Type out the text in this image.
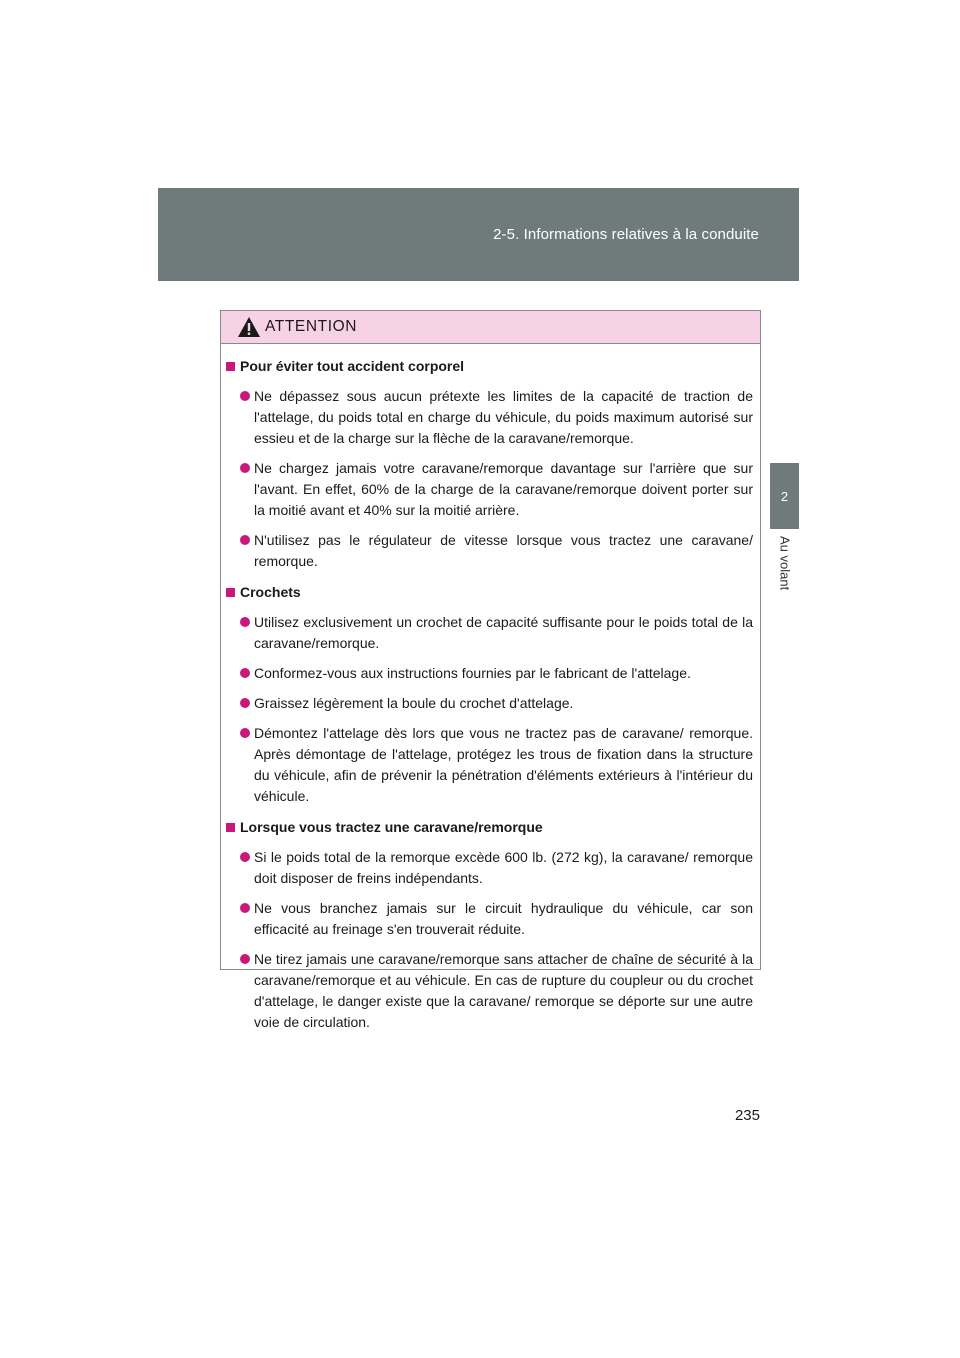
2-5. Informations relatives à la conduite
2
Au volant
ATTENTION
Pour éviter tout accident corporel
Ne dépassez sous aucun prétexte les limites de la capacité de traction de l'attelage, du poids total en charge du véhicule, du poids maximum autorisé sur essieu et de la charge sur la flèche de la caravane/remorque.
Ne chargez jamais votre caravane/remorque davantage sur l'arrière que sur l'avant. En effet, 60% de la charge de la caravane/remorque doivent porter sur la moitié avant et 40% sur la moitié arrière.
N'utilisez pas le régulateur de vitesse lorsque vous tractez une caravane/ remorque.
Crochets
Utilisez exclusivement un crochet de capacité suffisante pour le poids total de la caravane/remorque.
Conformez-vous aux instructions fournies par le fabricant de l'attelage.
Graissez légèrement la boule du crochet d'attelage.
Démontez l'attelage dès lors que vous ne tractez pas de caravane/ remorque. Après démontage de l'attelage, protégez les trous de fixation dans la structure du véhicule, afin de prévenir la pénétration d'éléments extérieurs à l'intérieur du véhicule.
Lorsque vous tractez une caravane/remorque
Si le poids total de la remorque excède 600 lb. (272 kg), la caravane/ remorque doit disposer de freins indépendants.
Ne vous branchez jamais sur le circuit hydraulique du véhicule, car son efficacité au freinage s'en trouverait réduite.
Ne tirez jamais une caravane/remorque sans attacher de chaîne de sécurité à la caravane/remorque et au véhicule. En cas de rupture du coupleur ou du crochet d'attelage, le danger existe que la caravane/ remorque se déporte sur une autre voie de circulation.
235
